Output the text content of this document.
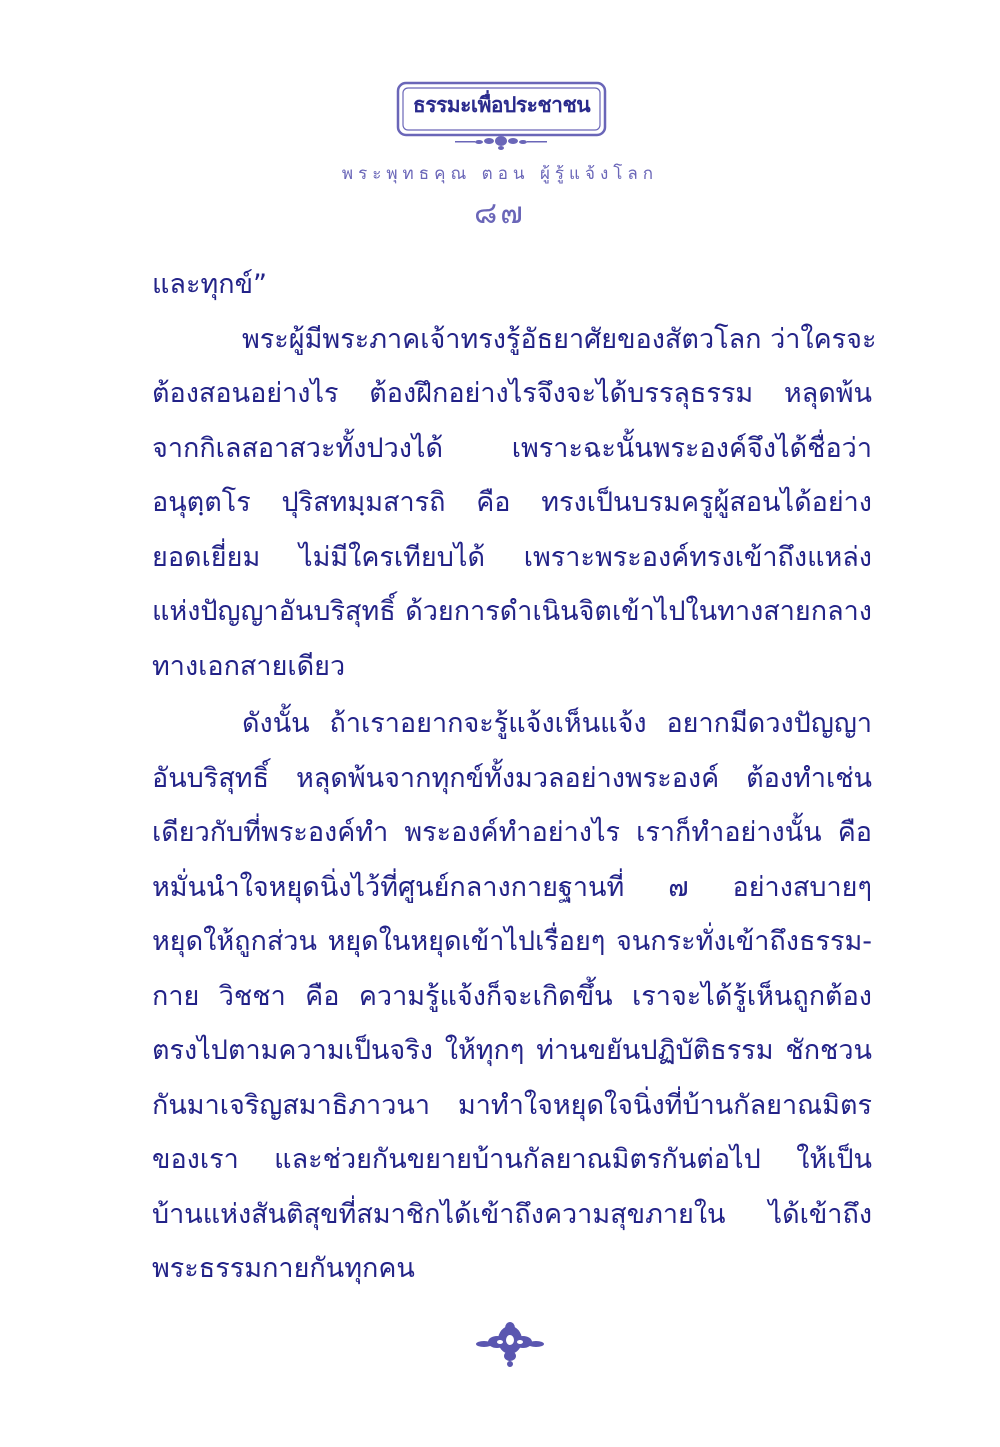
ธรรมะเพื่อประชาชน
พระพุทธคุณ ตอน ผู้รู้แจ้งโลก
๘๗
และทุกข์”
พระผู้มีพระภาคเจ้าทรงรู้อัธยาศัยของสัตวโลก ว่าใครจะ
ต้องสอนอย่างไร ต้องฝึกอย่างไรจึงจะได้บรรลุธรรม หลุดพ้น
จากกิเลสอาสวะทั้งปวงได้ เพราะฉะนั้นพระองค์จึงได้ชื่อว่า
อนุตฺตโร ปุริสทมฺมสารถิ คือ ทรงเป็นบรมครูผู้สอนได้อย่าง
ยอดเยี่ยม ไม่มีใครเทียบได้ เพราะพระองค์ทรงเข้าถึงแหล่ง
แห่งปัญญาอันบริสุทธิ์ ด้วยการดำเนินจิตเข้าไปในทางสายกลาง
ทางเอกสายเดียว
ดังนั้น ถ้าเราอยากจะรู้แจ้งเห็นแจ้ง อยากมีดวงปัญญา
อันบริสุทธิ์ หลุดพ้นจากทุกข์ทั้งมวลอย่างพระองค์ ต้องทำเช่น
เดียวกับที่พระองค์ทำ พระองค์ทำอย่างไร เราก็ทำอย่างนั้น คือ
หมั่นนำใจหยุดนิ่งไว้ที่ศูนย์กลางกายฐานที่ ๗ อย่างสบายๆ
หยุดให้ถูกส่วน หยุดในหยุดเข้าไปเรื่อยๆ จนกระทั่งเข้าถึงธรรม-
กาย วิชชา คือ ความรู้แจ้งก็จะเกิดขึ้น เราจะได้รู้เห็นถูกต้อง
ตรงไปตามความเป็นจริง ให้ทุกๆ ท่านขยันปฏิบัติธรรม ชักชวน
กันมาเจริญสมาธิภาวนา มาทำใจหยุดใจนิ่งที่บ้านกัลยาณมิตร
ของเรา และช่วยกันขยายบ้านกัลยาณมิตรกันต่อไป ให้เป็น
บ้านแห่งสันติสุขที่สมาชิกได้เข้าถึงความสุขภายใน ได้เข้าถึง
พระธรรมกายกันทุกคน
